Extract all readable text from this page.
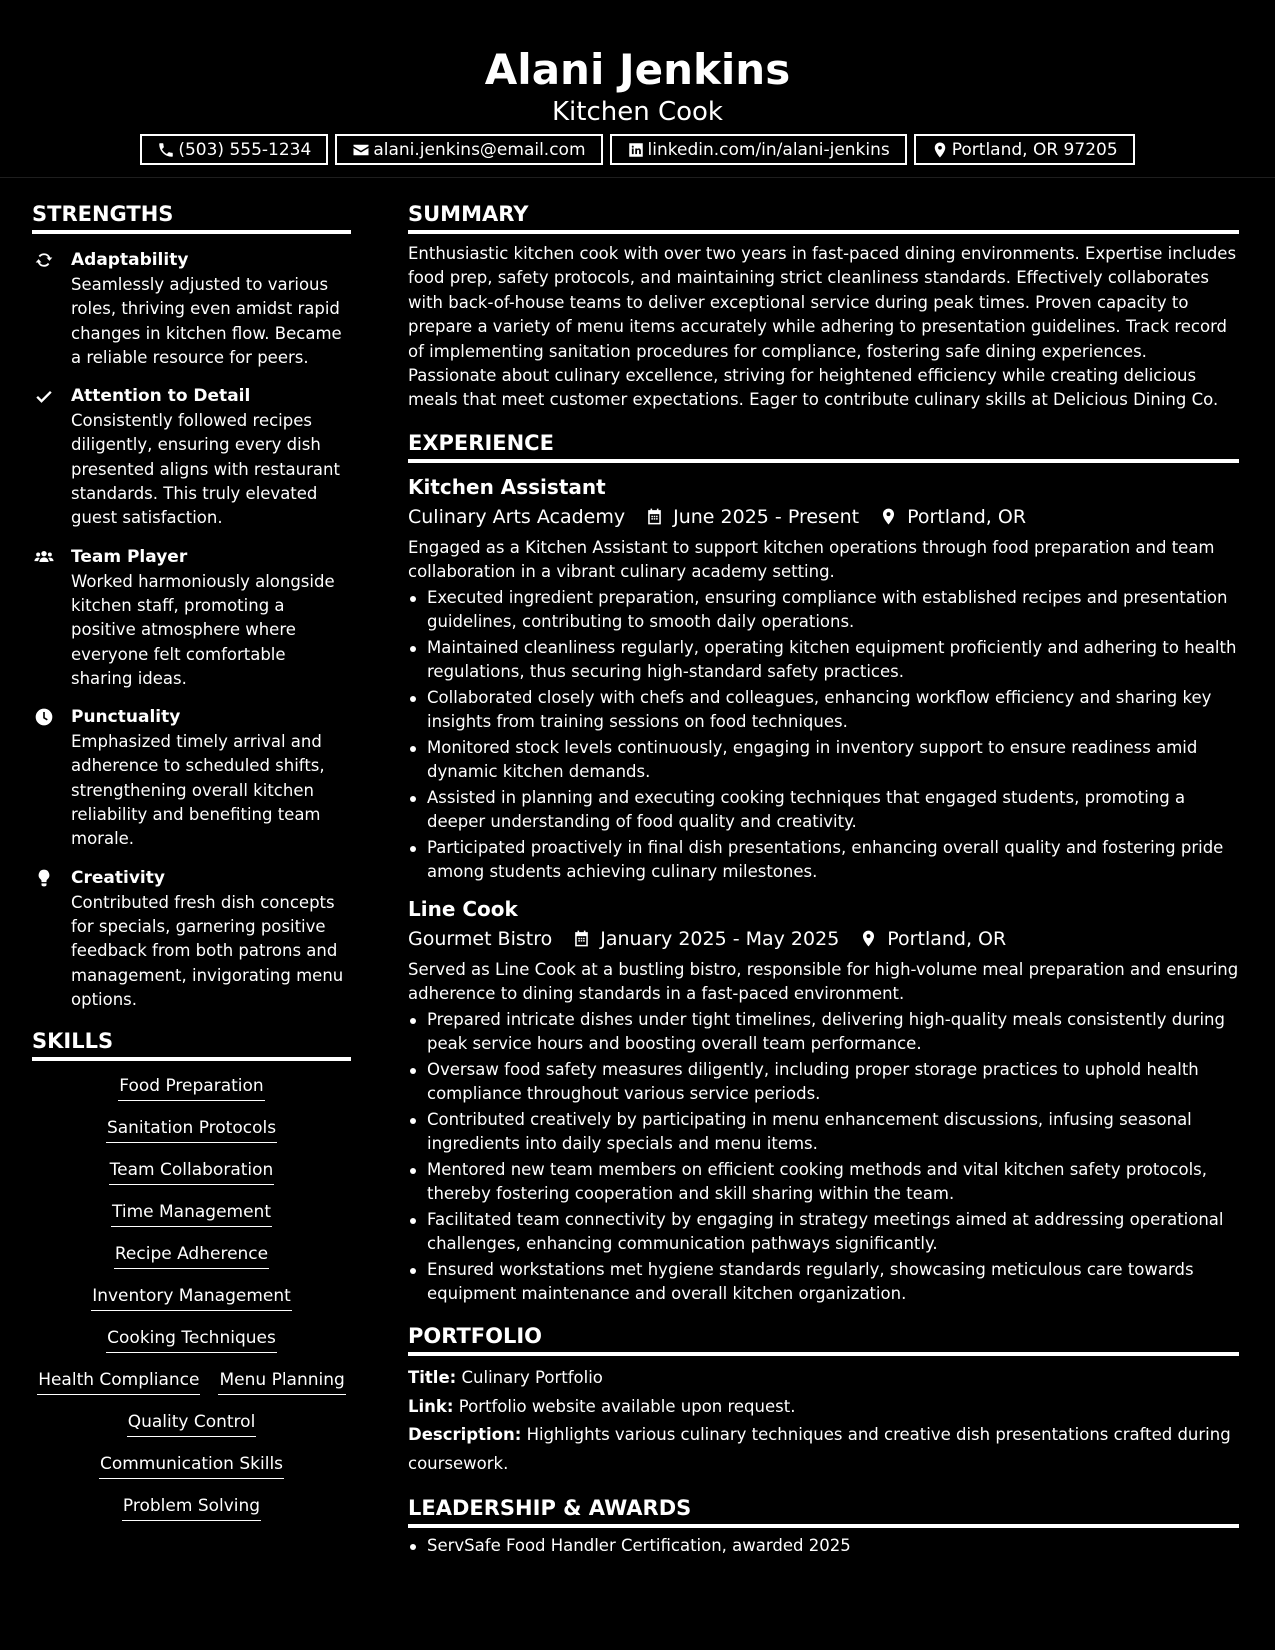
Alani Jenkins
Kitchen Cook
(503) 555-1234	alani.jenkins@email.com	linkedin.com/in/alani-jenkins	Portland, OR 97205
STRENGTHS
Adaptability
Seamlessly adjusted to various roles, thriving even amidst rapid changes in kitchen flow. Became a reliable resource for peers.
Attention to Detail
Consistently followed recipes diligently, ensuring every dish presented aligns with restaurant standards. This truly elevated guest satisfaction.
Team Player
Worked harmoniously alongside kitchen staff, promoting a positive atmosphere where everyone felt comfortable sharing ideas.
Punctuality
Emphasized timely arrival and adherence to scheduled shifts, strengthening overall kitchen reliability and benefiting team morale.
Creativity
Contributed fresh dish concepts for specials, garnering positive feedback from both patrons and management, invigorating menu options.
SKILLS
Food Preparation
Sanitation Protocols
Team Collaboration
Time Management
Recipe Adherence
Inventory Management
Cooking Techniques
Health Compliance Menu Planning
Quality Control
Communication Skills
Problem Solving
SUMMARY
Enthusiastic kitchen cook with over two years in fast-paced dining environments. Expertise includes food prep, safety protocols, and maintaining strict cleanliness standards. Effectively collaborates with back-of-house teams to deliver exceptional service during peak times. Proven capacity to prepare a variety of menu items accurately while adhering to presentation guidelines. Track record of implementing sanitation procedures for compliance, fostering safe dining experiences. Passionate about culinary excellence, striving for heightened efficiency while creating delicious meals that meet customer expectations. Eager to contribute culinary skills at Delicious Dining Co.
EXPERIENCE
Kitchen Assistant
Culinary Arts Academy	June 2025 - Present	Portland, OR
Engaged as a Kitchen Assistant to support kitchen operations through food preparation and team collaboration in a vibrant culinary academy setting.
Executed ingredient preparation, ensuring compliance with established recipes and presentation guidelines, contributing to smooth daily operations.
Maintained cleanliness regularly, operating kitchen equipment proficiently and adhering to health regulations, thus securing high-standard safety practices.
Collaborated closely with chefs and colleagues, enhancing workflow efficiency and sharing key insights from training sessions on food techniques.
Monitored stock levels continuously, engaging in inventory support to ensure readiness amid dynamic kitchen demands.
Assisted in planning and executing cooking techniques that engaged students, promoting a deeper understanding of food quality and creativity.
Participated proactively in final dish presentations, enhancing overall quality and fostering pride among students achieving culinary milestones.
Line Cook
Gourmet Bistro	January 2025 - May 2025	Portland, OR
Served as Line Cook at a bustling bistro, responsible for high-volume meal preparation and ensuring adherence to dining standards in a fast-paced environment.
Prepared intricate dishes under tight timelines, delivering high-quality meals consistently during peak service hours and boosting overall team performance.
Oversaw food safety measures diligently, including proper storage practices to uphold health compliance throughout various service periods.
Contributed creatively by participating in menu enhancement discussions, infusing seasonal ingredients into daily specials and menu items.
Mentored new team members on efficient cooking methods and vital kitchen safety protocols, thereby fostering cooperation and skill sharing within the team.
Facilitated team connectivity by engaging in strategy meetings aimed at addressing operational challenges, enhancing communication pathways significantly.
Ensured workstations met hygiene standards regularly, showcasing meticulous care towards equipment maintenance and overall kitchen organization.
PORTFOLIO
Title: Culinary Portfolio
Link: Portfolio website available upon request.
Description: Highlights various culinary techniques and creative dish presentations crafted during coursework.
LEADERSHIP & AWARDS
ServSafe Food Handler Certification, awarded 2025
